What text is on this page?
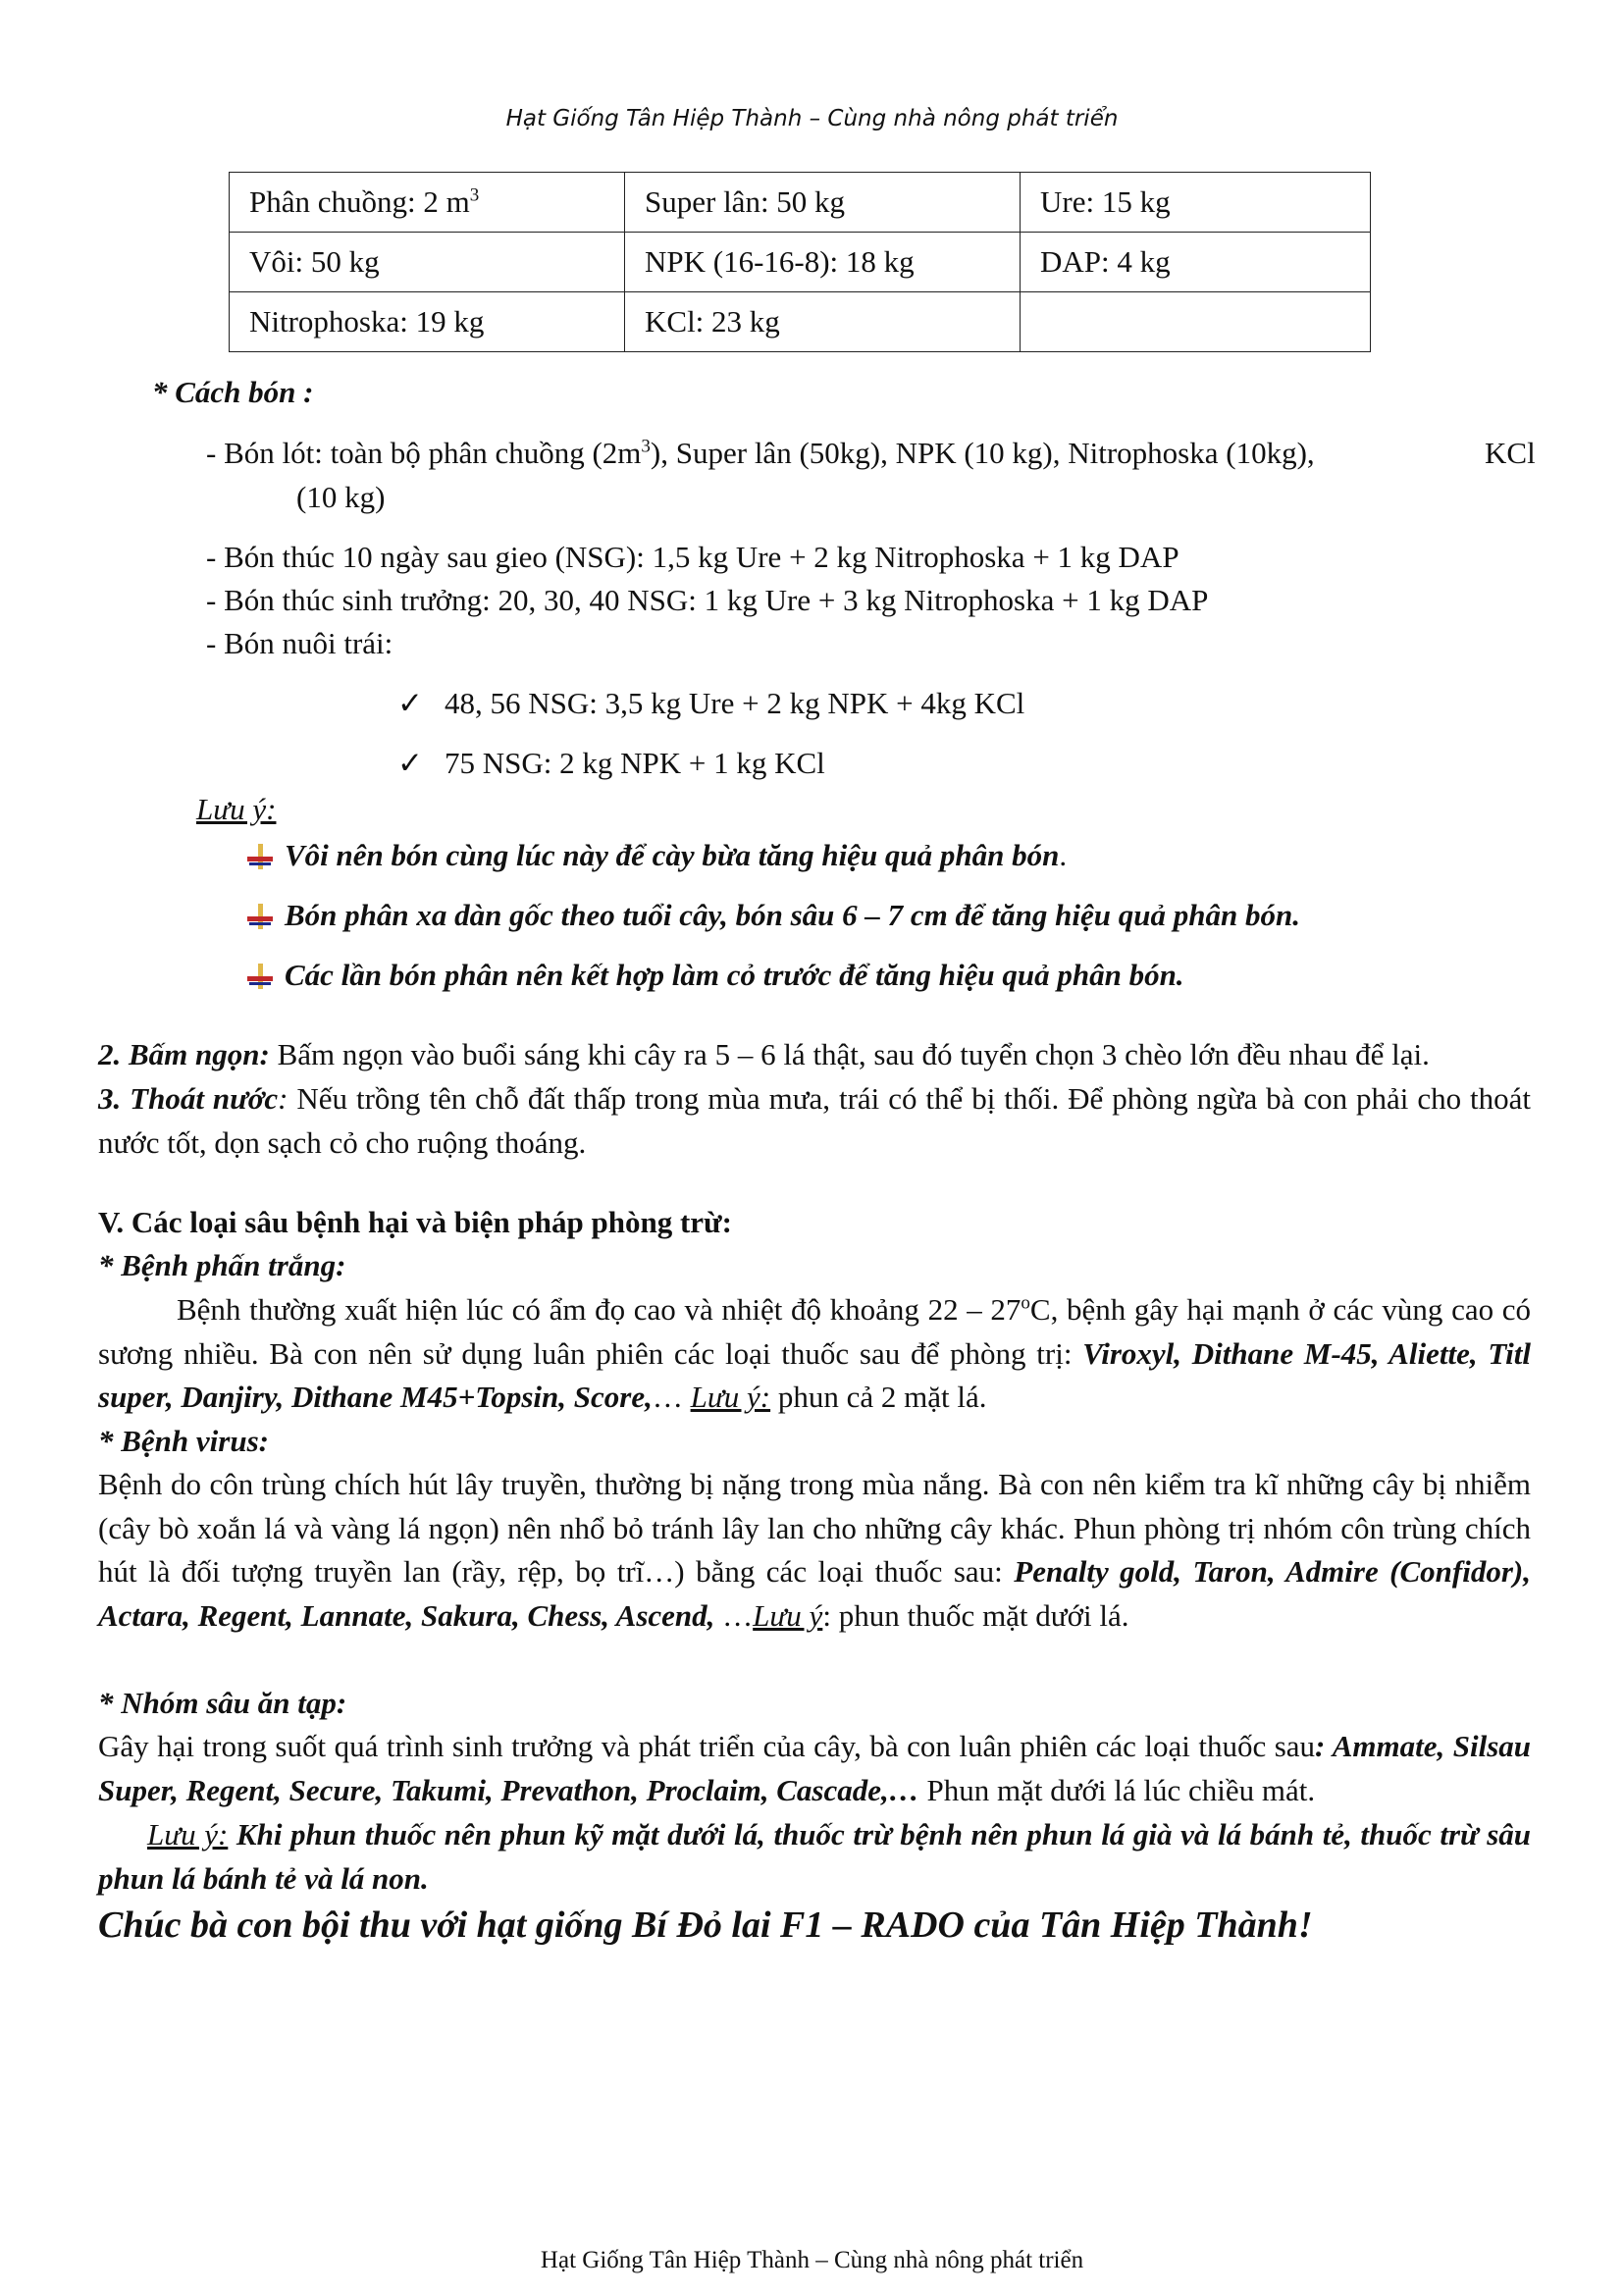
Hạt Giống Tân Hiệp Thành – Cùng nhà nông phát triển
Phân chuồng: 2 $m^3$	Super lân: 50 kg	Ure: 15 kg
Vôi: 50 kg	NPK (16-16-8): 18 kg	DAP: 4 kg
Nitrophoska: 19 kg	KCl: 23 kg	
* Cách bón :
- Bón lót: toàn bộ phân chuồng $(2m^3)$, Super lân (50kg), NPK (10 kg), Nitrophoska (10kg),	KCl
(10 kg)
- Bón thúc 10 ngày sau gieo (NSG): 1,5 kg Ure + 2 kg Nitrophoska + 1 kg DAP
- Bón thúc sinh trưởng: 20, 30, 40 NSG: 1 kg Ure + 3 kg Nitrophoska + 1 kg DAP
- Bón nuôi trái:
✓ 48, 56 NSG: 3,5 kg Ure + 2 kg NPK + 4kg KCl
✓ 75 NSG: 2 kg NPK + 1 kg KCl
Lưu ý:
Vôi nên bón cùng lúc này để cày bừa tăng hiệu quả phân bón.
Bón phân xa dàn gốc theo tuổi cây, bón sâu 6 – 7 cm để tăng hiệu quả phân bón.
Các lần bón phân nên kết hợp làm cỏ trước để tăng hiệu quả phân bón.
2. Bấm ngọn: Bấm ngọn vào buổi sáng khi cây ra 5 – 6 lá thật, sau đó tuyển chọn 3 chèo lớn đều nhau để lại.
3. Thoát nước: Nếu trồng tên chỗ đất thấp trong mùa mưa, trái có thể bị thối. Để phòng ngừa bà con phải cho thoát nước tốt, dọn sạch cỏ cho ruộng thoáng.
V. Các loại sâu bệnh hại và biện pháp phòng trừ:
* Bệnh phấn trắng:
Bệnh thường xuất hiện lúc có ẩm đọ cao và nhiệt độ khoảng 22 – 27$^o$C, bệnh gây hại mạnh ở các vùng cao có sương nhiều. Bà con nên sử dụng luân phiên các loại thuốc sau để phòng trị: Viroxyl, Dithane M-45, Aliette, Titl super, Danjiry, Dithane M45+Topsin, Score,… Lưu ý: phun cả 2 mặt lá.
* Bệnh virus:
Bệnh do côn trùng chích hút lây truyền, thường bị nặng trong mùa nắng. Bà con nên kiểm tra kĩ những cây bị nhiễm (cây bò xoắn lá và vàng lá ngọn) nên nhổ bỏ tránh lây lan cho những cây khác. Phun phòng trị nhóm côn trùng chích hút là đối tượng truyền lan (rầy, rệp, bọ trĩ…) bằng các loại thuốc sau: Penalty gold, Taron, Admire (Confidor), Actara, Regent, Lannate, Sakura, Chess, Ascend, …Lưu ý: phun thuốc mặt dưới lá.
* Nhóm sâu ăn tạp:
Gây hại trong suốt quá trình sinh trưởng và phát triển của cây, bà con luân phiên các loại thuốc sau: Ammate, Silsau Super, Regent, Secure, Takumi, Prevathon, Proclaim, Cascade,… Phun mặt dưới lá lúc chiều mát.
Lưu ý: Khi phun thuốc nên phun kỹ mặt dưới lá, thuốc trừ bệnh nên phun lá già và lá bánh tẻ, thuốc trừ sâu phun lá bánh tẻ và lá non.
Chúc bà con bội thu với hạt giống Bí Đỏ lai F1 – RADO của Tân Hiệp Thành!
Hạt Giống Tân Hiệp Thành – Cùng nhà nông phát triển
